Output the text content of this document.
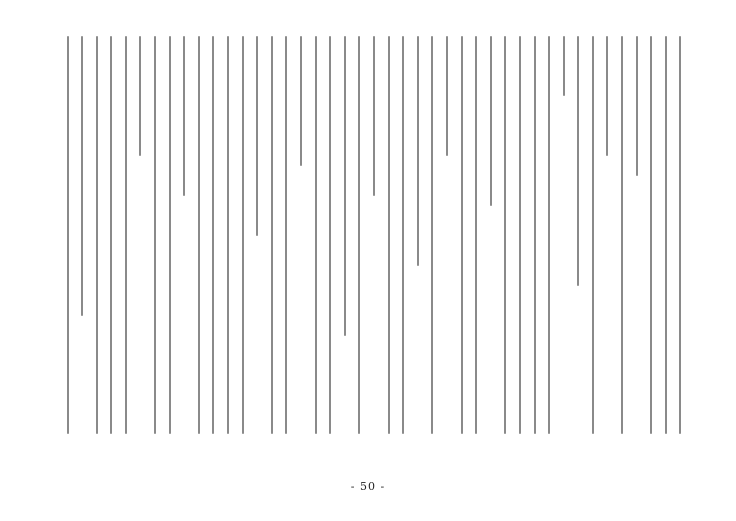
- 50 -
